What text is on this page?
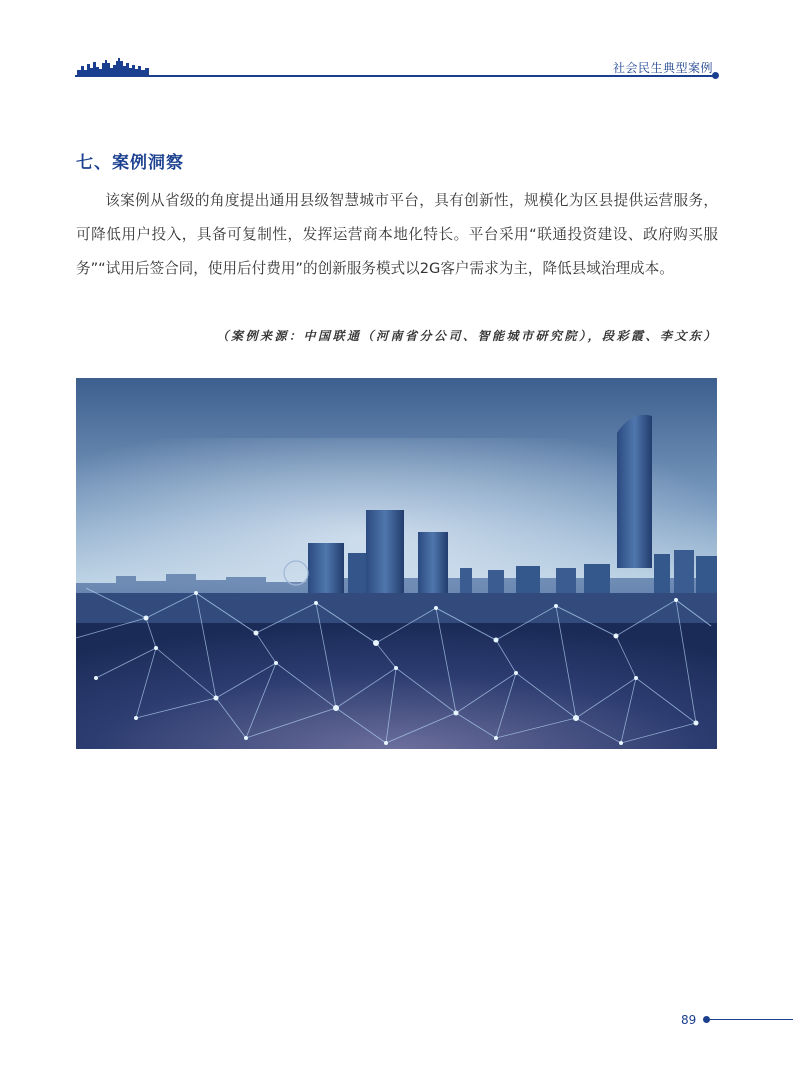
社会民生典型案例
七、案例洞察

该案例从省级的角度提出通用县级智慧城市平台，具有创新性，规模化为区县提供运营服务，可降低用户投入，具备可复制性，发挥运营商本地化特长。平台采用“联通投资建设、政府购买服务”“试用后签合同，使用后付费用”的创新服务模式以2G客户需求为主，降低县域治理成本。

（案例来源：中国联通（河南省分公司、智能城市研究院），段彩霞、李文东）
89
